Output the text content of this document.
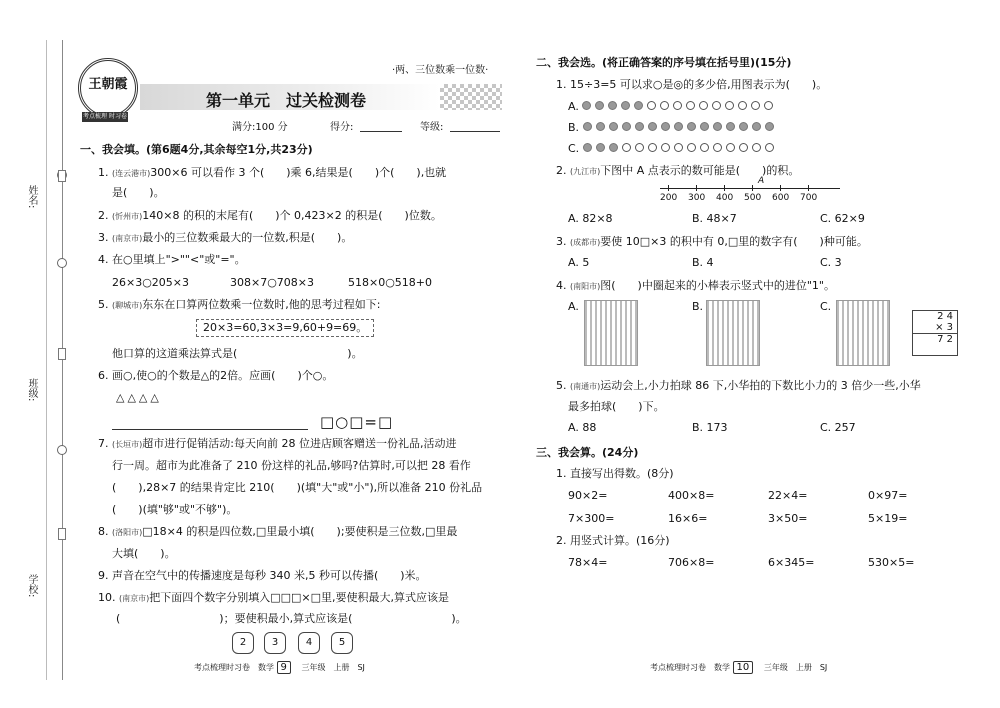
姓名:
班级:
学校:
王朝霞
考点梳理 时习卷
·两、三位数乘一位数·
第一单元　过关检测卷
满分:100 分	得分:	等级:
一、我会填。(第6题4分,其余每空1分,共23分)
1. (连云港市)300×6 可以看作 3 个(　　)乘 6,结果是(　　)个(　　),也就
是(　　)。
2. (忻州市)140×8 的积的末尾有(　　)个 0,423×2 的积是(　　)位数。
3. (南京市)最小的三位数乘最大的一位数,积是(　　)。
4. 在○里填上">""<"或"="。
26×3○205×3	308×7○708×3	518×0○518+0
5. (聊城市)东东在口算两位数乘一位数时,他的思考过程如下:
20×3=60,3×3=9,60+9=69。
他口算的这道乘法算式是(　　　　　　　　　　)。
6. 画○,使○的个数是△的2倍。应画(　　)个○。
△△△△
□○□=□
7. (长垣市)超市进行促销活动:每天向前 28 位进店顾客赠送一份礼品,活动进
行一周。超市为此准备了 210 份这样的礼品,够吗?估算时,可以把 28 看作
(　　),28×7 的结果肯定比 210(　　)(填"大"或"小"),所以准备 210 份礼品
(　　)(填"够"或"不够")。
8. (洛阳市)□18×4 的积是四位数,□里最小填(　　);要使积是三位数,□里最
大填(　　)。
9. 声音在空气中的传播速度是每秒 340 米,5 秒可以传播(　　)米。
10. (南京市)把下面四个数字分别填入□□□×□里,要使积最大,算式应该是
(　　　　　　　　　)；要使积最小,算式应该是(　　　　　　　　　)。
2	3	4	5
考点梳理时习卷　 数学 9 　 三年级　 上册　 SJ
二、我会选。(将正确答案的序号填在括号里)(15分)
1. 15÷3=5 可以求○是◎的多少倍,用图表示为(　　)。
A.
B.
C.
2. (九江市)下图中 A 点表示的数可能是(　　)的积。
200 300 400 500 600 700
A
A. 82×8	B. 48×7	C. 62×9
3. (成都市)要使 10□×3 的积中有 0,□里的数字有(　　)种可能。
A. 5	B. 4	C. 3
4. (南阳市)图(　　)中圈起来的小棒表示竖式中的进位"1"。
A.	B.	C.
2 4
× 3
7 2
5. (南通市)运动会上,小力拍球 86 下,小华拍的下数比小力的 3 倍少一些,小华
最多拍球(　　)下。
A. 88	B. 173	C. 257
三、我会算。(24分)
1. 直接写出得数。(8分)
90×2=	400×8=	22×4=	0×97=
7×300=	16×6=	3×50=	5×19=
2. 用竖式计算。(16分)
78×4=	706×8=	6×345=	530×5=
考点梳理时习卷　 数学 10 　 三年级　 上册　 SJ
